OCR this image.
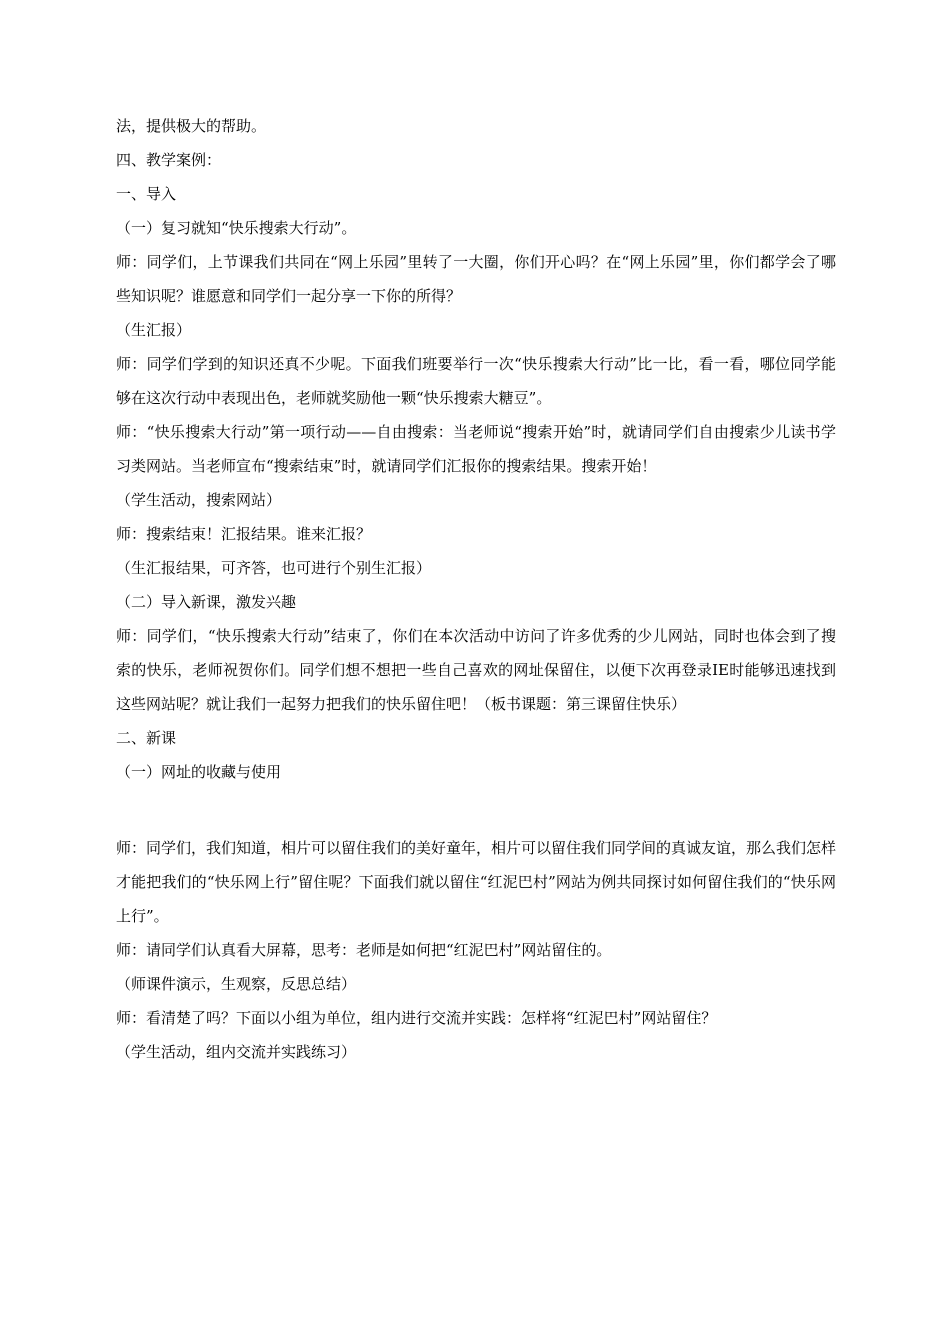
法，提供极大的帮助。

四、教学案例：

一、导入

（一）复习就知“快乐搜索大行动”。

师：同学们，上节课我们共同在“网上乐园”里转了一大圈，你们开心吗？在“网上乐园”里，你们都学会了哪些知识呢？谁愿意和同学们一起分享一下你的所得？

（生汇报）

师：同学们学到的知识还真不少呢。下面我们班要举行一次“快乐搜索大行动”比一比，看一看，哪位同学能够在这次行动中表现出色，老师就奖励他一颗“快乐搜索大糖豆”。

师：“快乐搜索大行动”第一项行动——自由搜索：当老师说“搜索开始”时，就请同学们自由搜索少儿读书学习类网站。当老师宣布“搜索结束”时，就请同学们汇报你的搜索结果。搜索开始！

（学生活动，搜索网站）

师：搜索结束！汇报结果。谁来汇报？

（生汇报结果，可齐答，也可进行个别生汇报）

（二）导入新课，激发兴趣

师：同学们，“快乐搜索大行动”结束了，你们在本次活动中访问了许多优秀的少儿网站，同时也体会到了搜索的快乐，老师祝贺你们。同学们想不想把一些自己喜欢的网址保留住，以便下次再登录IE时能够迅速找到这些网站呢？就让我们一起努力把我们的快乐留住吧！（板书课题：第三课留住快乐）

二、新课

（一）网址的收藏与使用

师：同学们，我们知道，相片可以留住我们的美好童年，相片可以留住我们同学间的真诚友谊，那么我们怎样才能把我们的“快乐网上行”留住呢？下面我们就以留住“红泥巴村”网站为例共同探讨如何留住我们的“快乐网上行”。

师：请同学们认真看大屏幕，思考：老师是如何把“红泥巴村”网站留住的。

（师课件演示，生观察，反思总结）

师：看清楚了吗？下面以小组为单位，组内进行交流并实践：怎样将“红泥巴村”网站留住？

（学生活动，组内交流并实践练习）
